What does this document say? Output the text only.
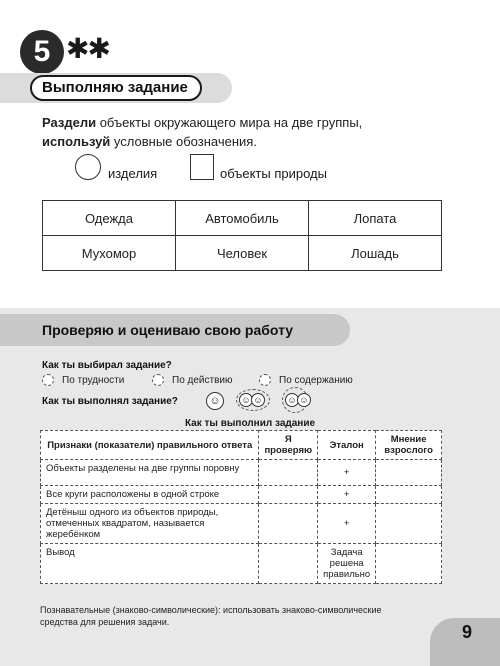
5 ✱✱
Выполняю задание
Раздели объекты окружающего мира на две группы,
используй условные обозначения.
изделия	объекты природы
Одежда	Автомобиль	Лопата
Мухомор	Человек	Лошадь
Проверяю и оцениваю свою работу
Как ты выбирал задание?
По трудности	По действию	По содержанию
Как ты выполнял задание?	☺	☺ ☺	☺ ☺
Как ты выполнил задание
Признаки (показатели) правильного ответа	Я проверяю	Эталон	Мнение взрослого
Объекты разделены на две группы поровну		+	
Все круги расположены в одной строке		+	
Детёныш одного из объектов природы, отмеченных квадратом, называется жеребёнком		+	
Вывод		Задача решена правильно	
Познавательные (знаково-символические): использовать знаково-символические средства для решения задачи.	9
